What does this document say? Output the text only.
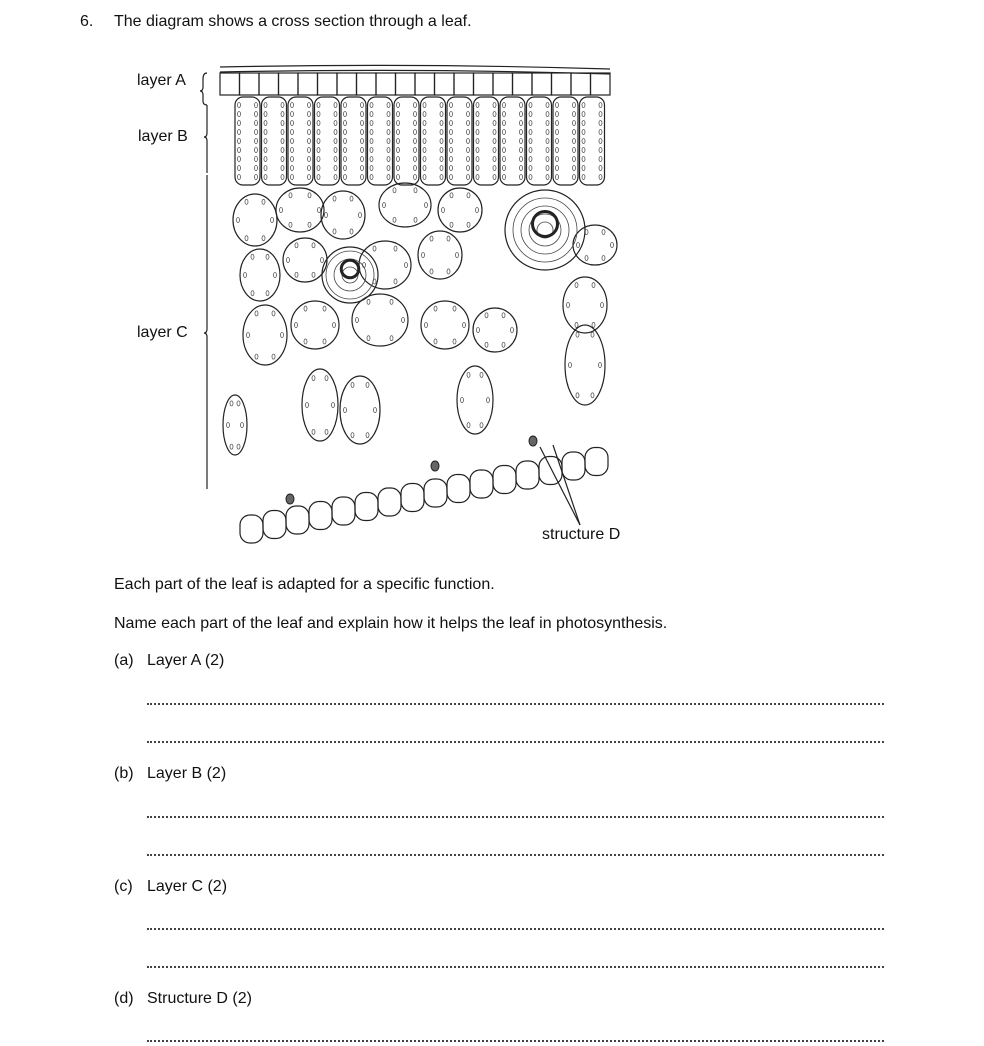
6. The diagram shows a cross section through a leaf.
layer A
layer B
layer C
structure D
Each part of the leaf is adapted for a specific function.
Name each part of the leaf and explain how it helps the leaf in photosynthesis.
(a) Layer A (2)
(b) Layer B (2)
(c) Layer C (2)
(d) Structure D (2)
